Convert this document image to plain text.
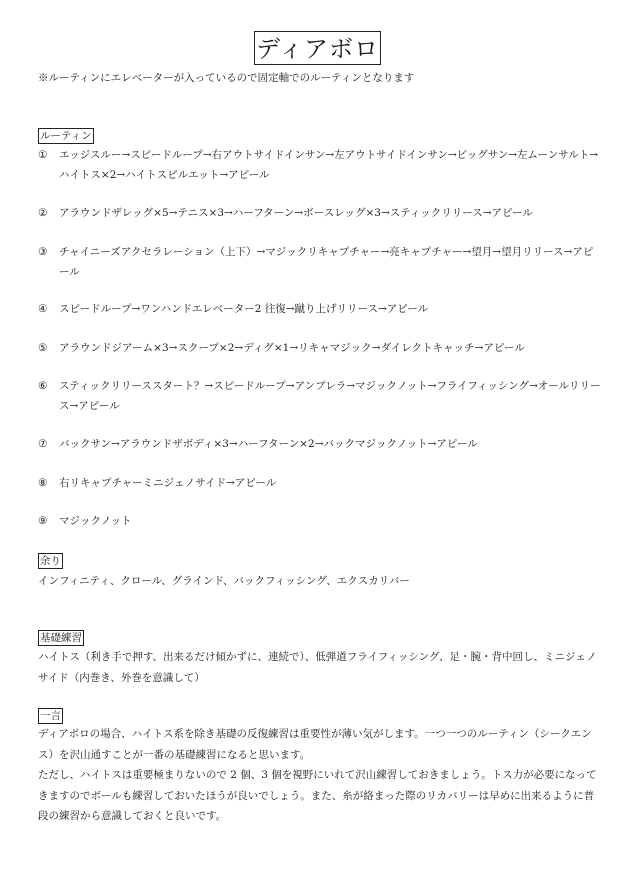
ディアボロ
※ルーティンにエレベーターが入っているので固定軸でのルーティンとなります
ルーティン
① エッジスルー→スピードループ→右アウトサイドインサン→左アウトサイドインサン→ビッグサン→左ムーンサルト→ハイトス×2→ハイトスピルエット→アピール
② アラウンドザレッグ×5→テニス×3→ハーフターン→ボースレッグ×3→スティックリリース→アピール
③ チャイニーズアクセラレーション（上下）→マジックリキャプチャー→亮キャプチャー→望月→望月リリース→アピール
④ スピードループ→ワンハンドエレベーター2 往復→蹴り上げリリース→アピール
⑤ アラウンドジアーム×3→スクープ×2→ディグ×1→リキャマジック→ダイレクトキャッチ→アピール
⑥ スティックリリーススタート？→スピードループ→アンブレラ→マジックノット→フライフィッシング→オールリリース→アピール
⑦ バックサン→アラウンドザボディ×3→ハーフターン×2→バックマジックノット→アピール
⑧ 右リキャプチャーミニジェノサイド→アピール
⑨ マジックノット
余り
インフィニティ、クロール、グラインド、バックフィッシング、エクスカリバー
基礎練習
ハイトス（利き手で押す、出来るだけ傾かずに、連続で）、低弾道フライフィッシング、足・腕・背中回し、ミニジェノサイド（内巻き、外巻を意識して）
一言

ディアボロの場合、ハイトス系を除き基礎の反復練習は重要性が薄い気がします。一つ一つのルーティン（シークエンス）を沢山通すことが一番の基礎練習になると思います。

ただし、ハイトスは重要極まりないので 2 個、3 個を視野にいれて沢山練習しておきましょう。トス力が必要になってきますのでボールも練習しておいたほうが良いでしょう。また、糸が絡まった際のリカバリーは早めに出来るように普段の練習から意識しておくと良いです。
